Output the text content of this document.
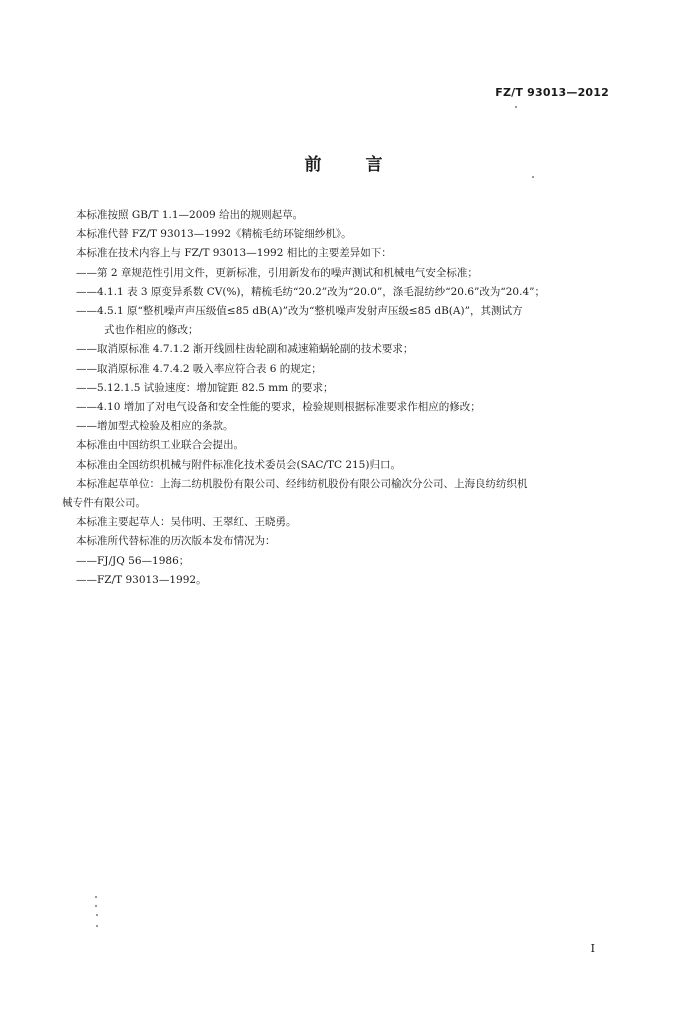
FZ/T 93013—2012
前	言
本标准按照 GB/T 1.1—2009 给出的规则起草。
本标准代替 FZ/T 93013—1992《精梳毛纺环锭细纱机》。
本标准在技术内容上与 FZ/T 93013—1992 相比的主要差异如下：
——第 2 章规范性引用文件，更新标准，引用新发布的噪声测试和机械电气安全标准；
——4.1.1 表 3 原变异系数 CV(%)，精梳毛纺“20.2”改为“20.0”，涤毛混纺纱“20.6”改为“20.4”；
——4.5.1 原“整机噪声声压级值≤85 dB(A)”改为“整机噪声发射声压级≤85 dB(A)”，其测试方
式也作相应的修改；
——取消原标准 4.7.1.2 渐开线圆柱齿轮副和减速箱蜗轮副的技术要求；
——取消原标准 4.7.4.2 吸入率应符合表 6 的规定；
——5.12.1.5 试验速度：增加锭距 82.5 mm 的要求；
——4.10 增加了对电气设备和安全性能的要求，检验规则根据标准要求作相应的修改；
——增加型式检验及相应的条款。
本标准由中国纺织工业联合会提出。
本标准由全国纺织机械与附件标准化技术委员会(SAC/TC 215)归口。
本标准起草单位：上海二纺机股份有限公司、经纬纺机股份有限公司榆次分公司、上海良纺纺织机
械专件有限公司。
本标准主要起草人：吴伟明、王翠红、王晓勇。
本标准所代替标准的历次版本发布情况为：
——FJ/JQ 56—1986；
——FZ/T 93013—1992。
I
